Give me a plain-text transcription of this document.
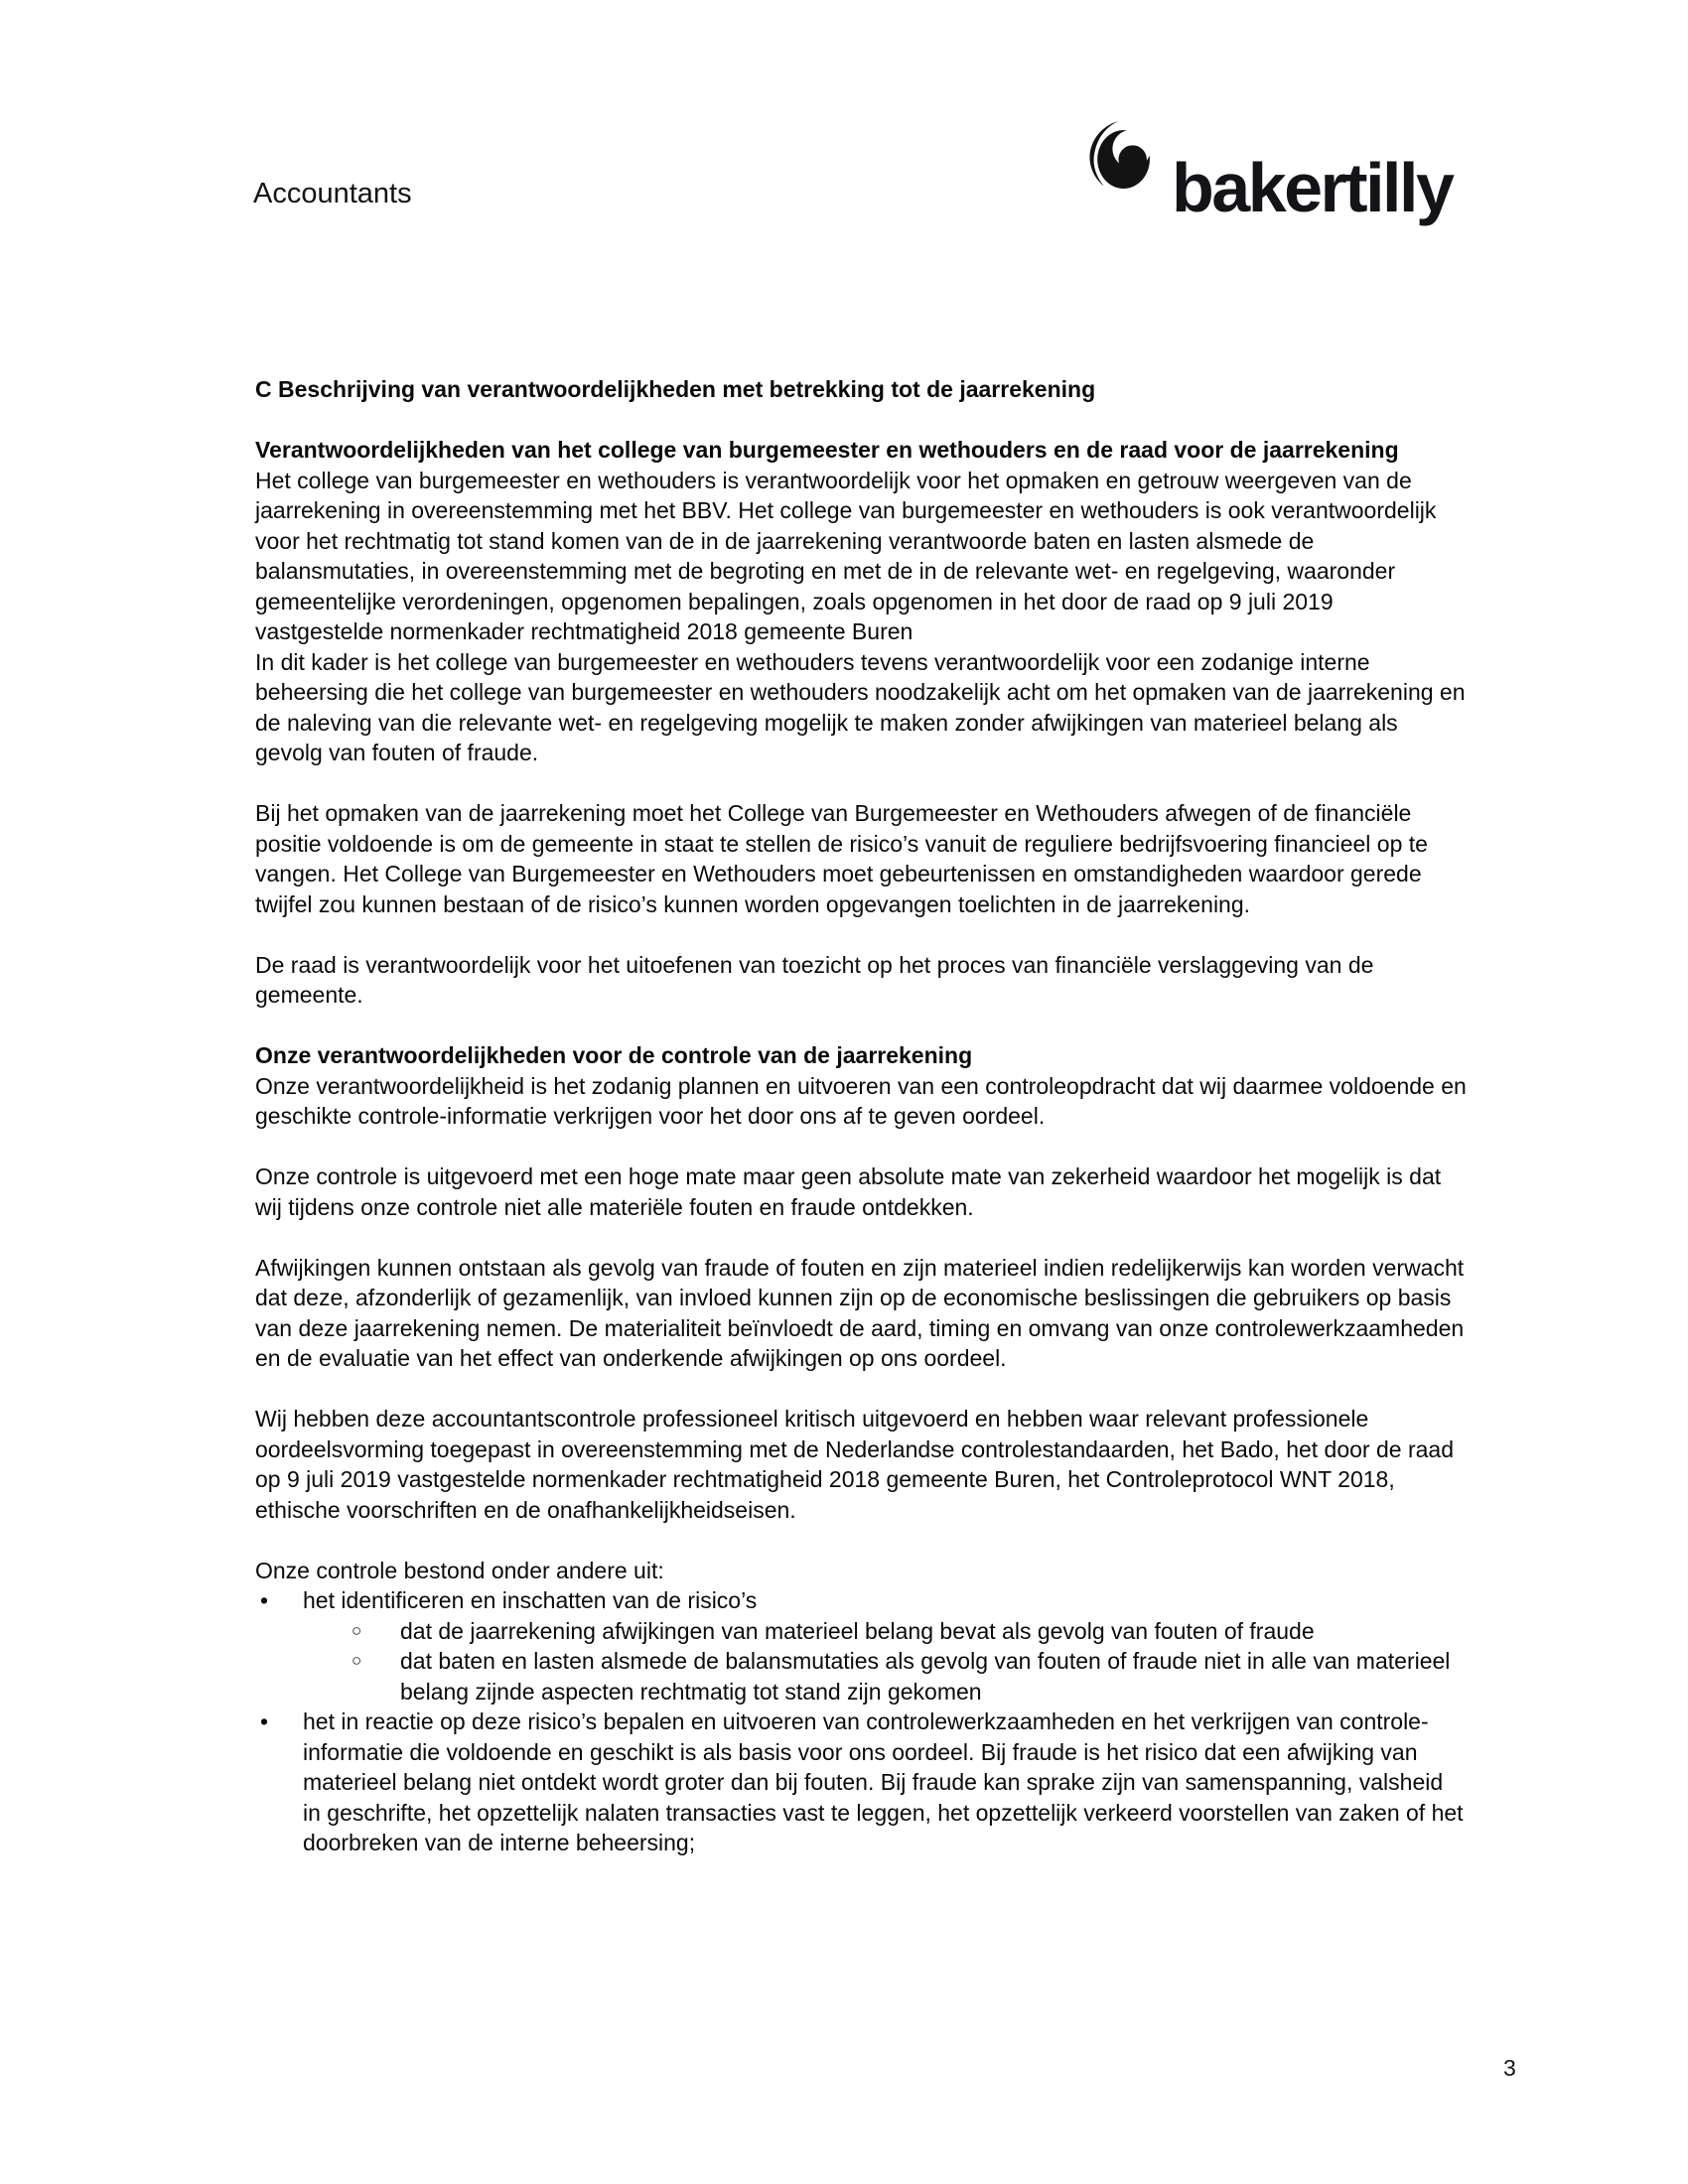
Accountants	bakertilly
C Beschrijving van verantwoordelijkheden met betrekking tot de jaarrekening
Verantwoordelijkheden van het college van burgemeester en wethouders en de raad voor de jaarrekening
Het college van burgemeester en wethouders is verantwoordelijk voor het opmaken en getrouw weergeven van de jaarrekening in overeenstemming met het BBV. Het college van burgemeester en wethouders is ook verantwoordelijk voor het rechtmatig tot stand komen van de in de jaarrekening verantwoorde baten en lasten alsmede de balansmutaties, in overeenstemming met de begroting en met de in de relevante wet- en regelgeving, waaronder gemeentelijke verordeningen, opgenomen bepalingen, zoals opgenomen in het door de raad op 9 juli 2019 vastgestelde normenkader rechtmatigheid 2018 gemeente Buren
In dit kader is het college van burgemeester en wethouders tevens verantwoordelijk voor een zodanige interne beheersing die het college van burgemeester en wethouders noodzakelijk acht om het opmaken van de jaarrekening en de naleving van die relevante wet- en regelgeving mogelijk te maken zonder afwijkingen van materieel belang als gevolg van fouten of fraude.
Bij het opmaken van de jaarrekening moet het College van Burgemeester en Wethouders afwegen of de financiële positie voldoende is om de gemeente in staat te stellen de risico’s vanuit de reguliere bedrijfsvoering financieel op te vangen. Het College van Burgemeester en Wethouders moet gebeurtenissen en omstandigheden waardoor gerede twijfel zou kunnen bestaan of de risico’s kunnen worden opgevangen toelichten in de jaarrekening.
De raad is verantwoordelijk voor het uitoefenen van toezicht op het proces van financiële verslaggeving van de gemeente.
Onze verantwoordelijkheden voor de controle van de jaarrekening
Onze verantwoordelijkheid is het zodanig plannen en uitvoeren van een controleopdracht dat wij daarmee voldoende en geschikte controle-informatie verkrijgen voor het door ons af te geven oordeel.
Onze controle is uitgevoerd met een hoge mate maar geen absolute mate van zekerheid waardoor het mogelijk is dat wij tijdens onze controle niet alle materiële fouten en fraude ontdekken.
Afwijkingen kunnen ontstaan als gevolg van fraude of fouten en zijn materieel indien redelijkerwijs kan worden verwacht dat deze, afzonderlijk of gezamenlijk, van invloed kunnen zijn op de economische beslissingen die gebruikers op basis van deze jaarrekening nemen. De materialiteit beïnvloedt de aard, timing en omvang van onze controlewerkzaamheden en de evaluatie van het effect van onderkende afwijkingen op ons oordeel.
Wij hebben deze accountantscontrole professioneel kritisch uitgevoerd en hebben waar relevant professionele oordeelsvorming toegepast in overeenstemming met de Nederlandse controlestandaarden, het Bado, het door de raad op 9 juli 2019 vastgestelde normenkader rechtmatigheid 2018 gemeente Buren, het Controleprotocol WNT 2018, ethische voorschriften en de onafhankelijkheidseisen.
Onze controle bestond onder andere uit:
• het identificeren en inschatten van de risico’s
○ dat de jaarrekening afwijkingen van materieel belang bevat als gevolg van fouten of fraude
○ dat baten en lasten alsmede de balansmutaties als gevolg van fouten of fraude niet in alle van materieel belang zijnde aspecten rechtmatig tot stand zijn gekomen
• het in reactie op deze risico’s bepalen en uitvoeren van controlewerkzaamheden en het verkrijgen van controle-informatie die voldoende en geschikt is als basis voor ons oordeel. Bij fraude is het risico dat een afwijking van materieel belang niet ontdekt wordt groter dan bij fouten. Bij fraude kan sprake zijn van samenspanning, valsheid in geschrifte, het opzettelijk nalaten transacties vast te leggen, het opzettelijk verkeerd voorstellen van zaken of het doorbreken van de interne beheersing;
3
